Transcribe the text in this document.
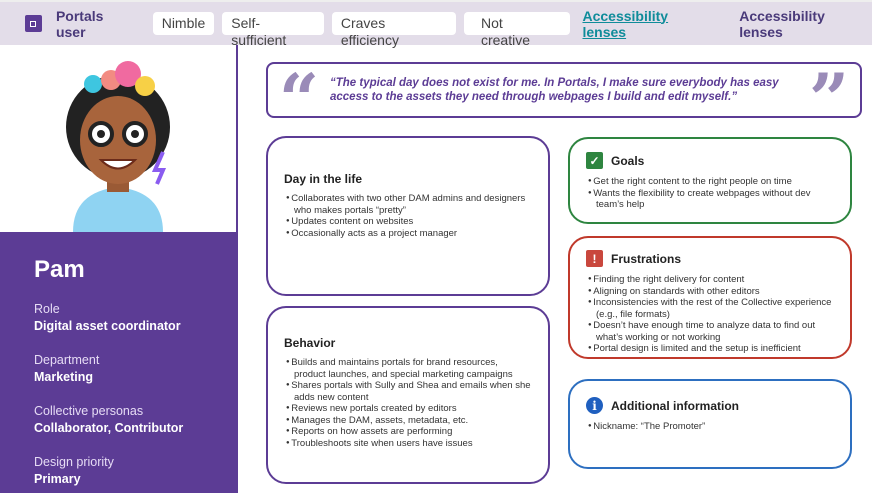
Portals user
Nimble	Self-sufficient
Craves efficiency
Not creative
Accessibility lenses
Accessibility lenses
Pam
Role
Digital asset coordinator
Department
Marketing
Collective personas
Collaborator, Contributor
Design priority
Primary
“ “The typical day does not exist for me. In Portals, I make sure everybody has easy access to the assets they need through webpages I build and edit myself.”	”
Day in the life
● Collaborates with two other DAM admins and designers who makes portals “pretty”
● Updates content on websites
● Occasionally acts as a project manager
Behavior
● Builds and maintains portals for brand resources, product launches, and special marketing campaigns
● Shares portals with Sully and Shea and emails when she adds new content
● Reviews new portals created by editors
● Manages the DAM, assets, metadata, etc.
● Reports on how assets are performing
● Troubleshoots site when users have issues
✓ Goals
● Get the right content to the right people on time
● Wants the flexibility to create webpages without dev team’s help
!	Frustrations
● Finding the right delivery for content
● Aligning on standards with other editors
● Inconsistencies with the rest of the Collective experience (e.g., file formats)
● Doesn’t have enough time to analyze data to find out what’s working or not working
● Portal design is limited and the setup is inefficient
i	Additional information
● Nickname: “The Promoter”
